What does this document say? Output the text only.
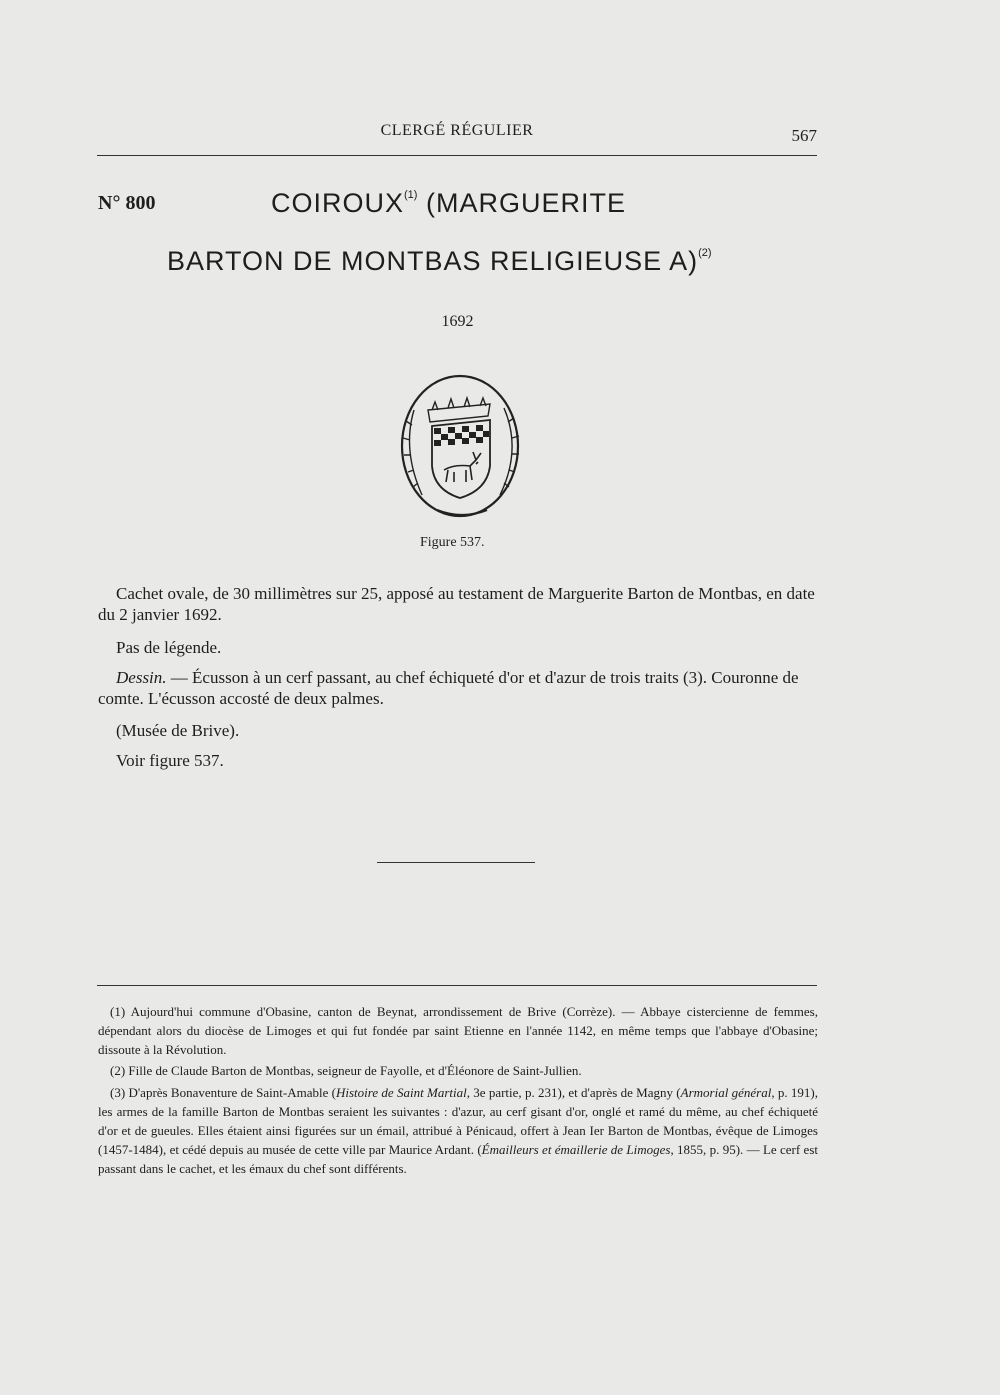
CLERGÉ RÉGULIER	567
N° 800	COIROUX$^{(1)}$ (MARGUERITE
BARTON DE MONTBAS RELIGIEUSE A)$^{(2)}$
1692
Figure 537.
Cachet ovale, de 30 millimètres sur 25, apposé au testament de Marguerite Barton de Montbas, en date du 2 janvier 1692.
Pas de légende.
Dessin. — Écusson à un cerf passant, au chef échiqueté d'or et d'azur de trois traits (3). Couronne de comte. L'écusson accosté de deux palmes.
(Musée de Brive).
Voir figure 537.
(1) Aujourd'hui commune d'Obasine, canton de Beynat, arrondissement de Brive (Corrèze). — Abbaye cistercienne de femmes, dépendant alors du diocèse de Limoges et qui fut fondée par saint Etienne en l'année 1142, en même temps que l'abbaye d'Obasine; dissoute à la Révolution.
(2) Fille de Claude Barton de Montbas, seigneur de Fayolle, et d'Éléonore de Saint-Jullien.
(3) D'après Bonaventure de Saint-Amable (Histoire de Saint Martial, 3e partie, p. 231), et d'après de Magny (Armorial général, p. 191), les armes de la famille Barton de Montbas seraient les suivantes : d'azur, au cerf gisant d'or, onglé et ramé du même, au chef échiqueté d'or et de gueules. Elles étaient ainsi figurées sur un émail, attribué à Pénicaud, offert à Jean Ier Barton de Montbas, évêque de Limoges (1457-1484), et cédé depuis au musée de cette ville par Maurice Ardant. (Émailleurs et émaillerie de Limoges, 1855, p. 95). — Le cerf est passant dans le cachet, et les émaux du chef sont différents.
